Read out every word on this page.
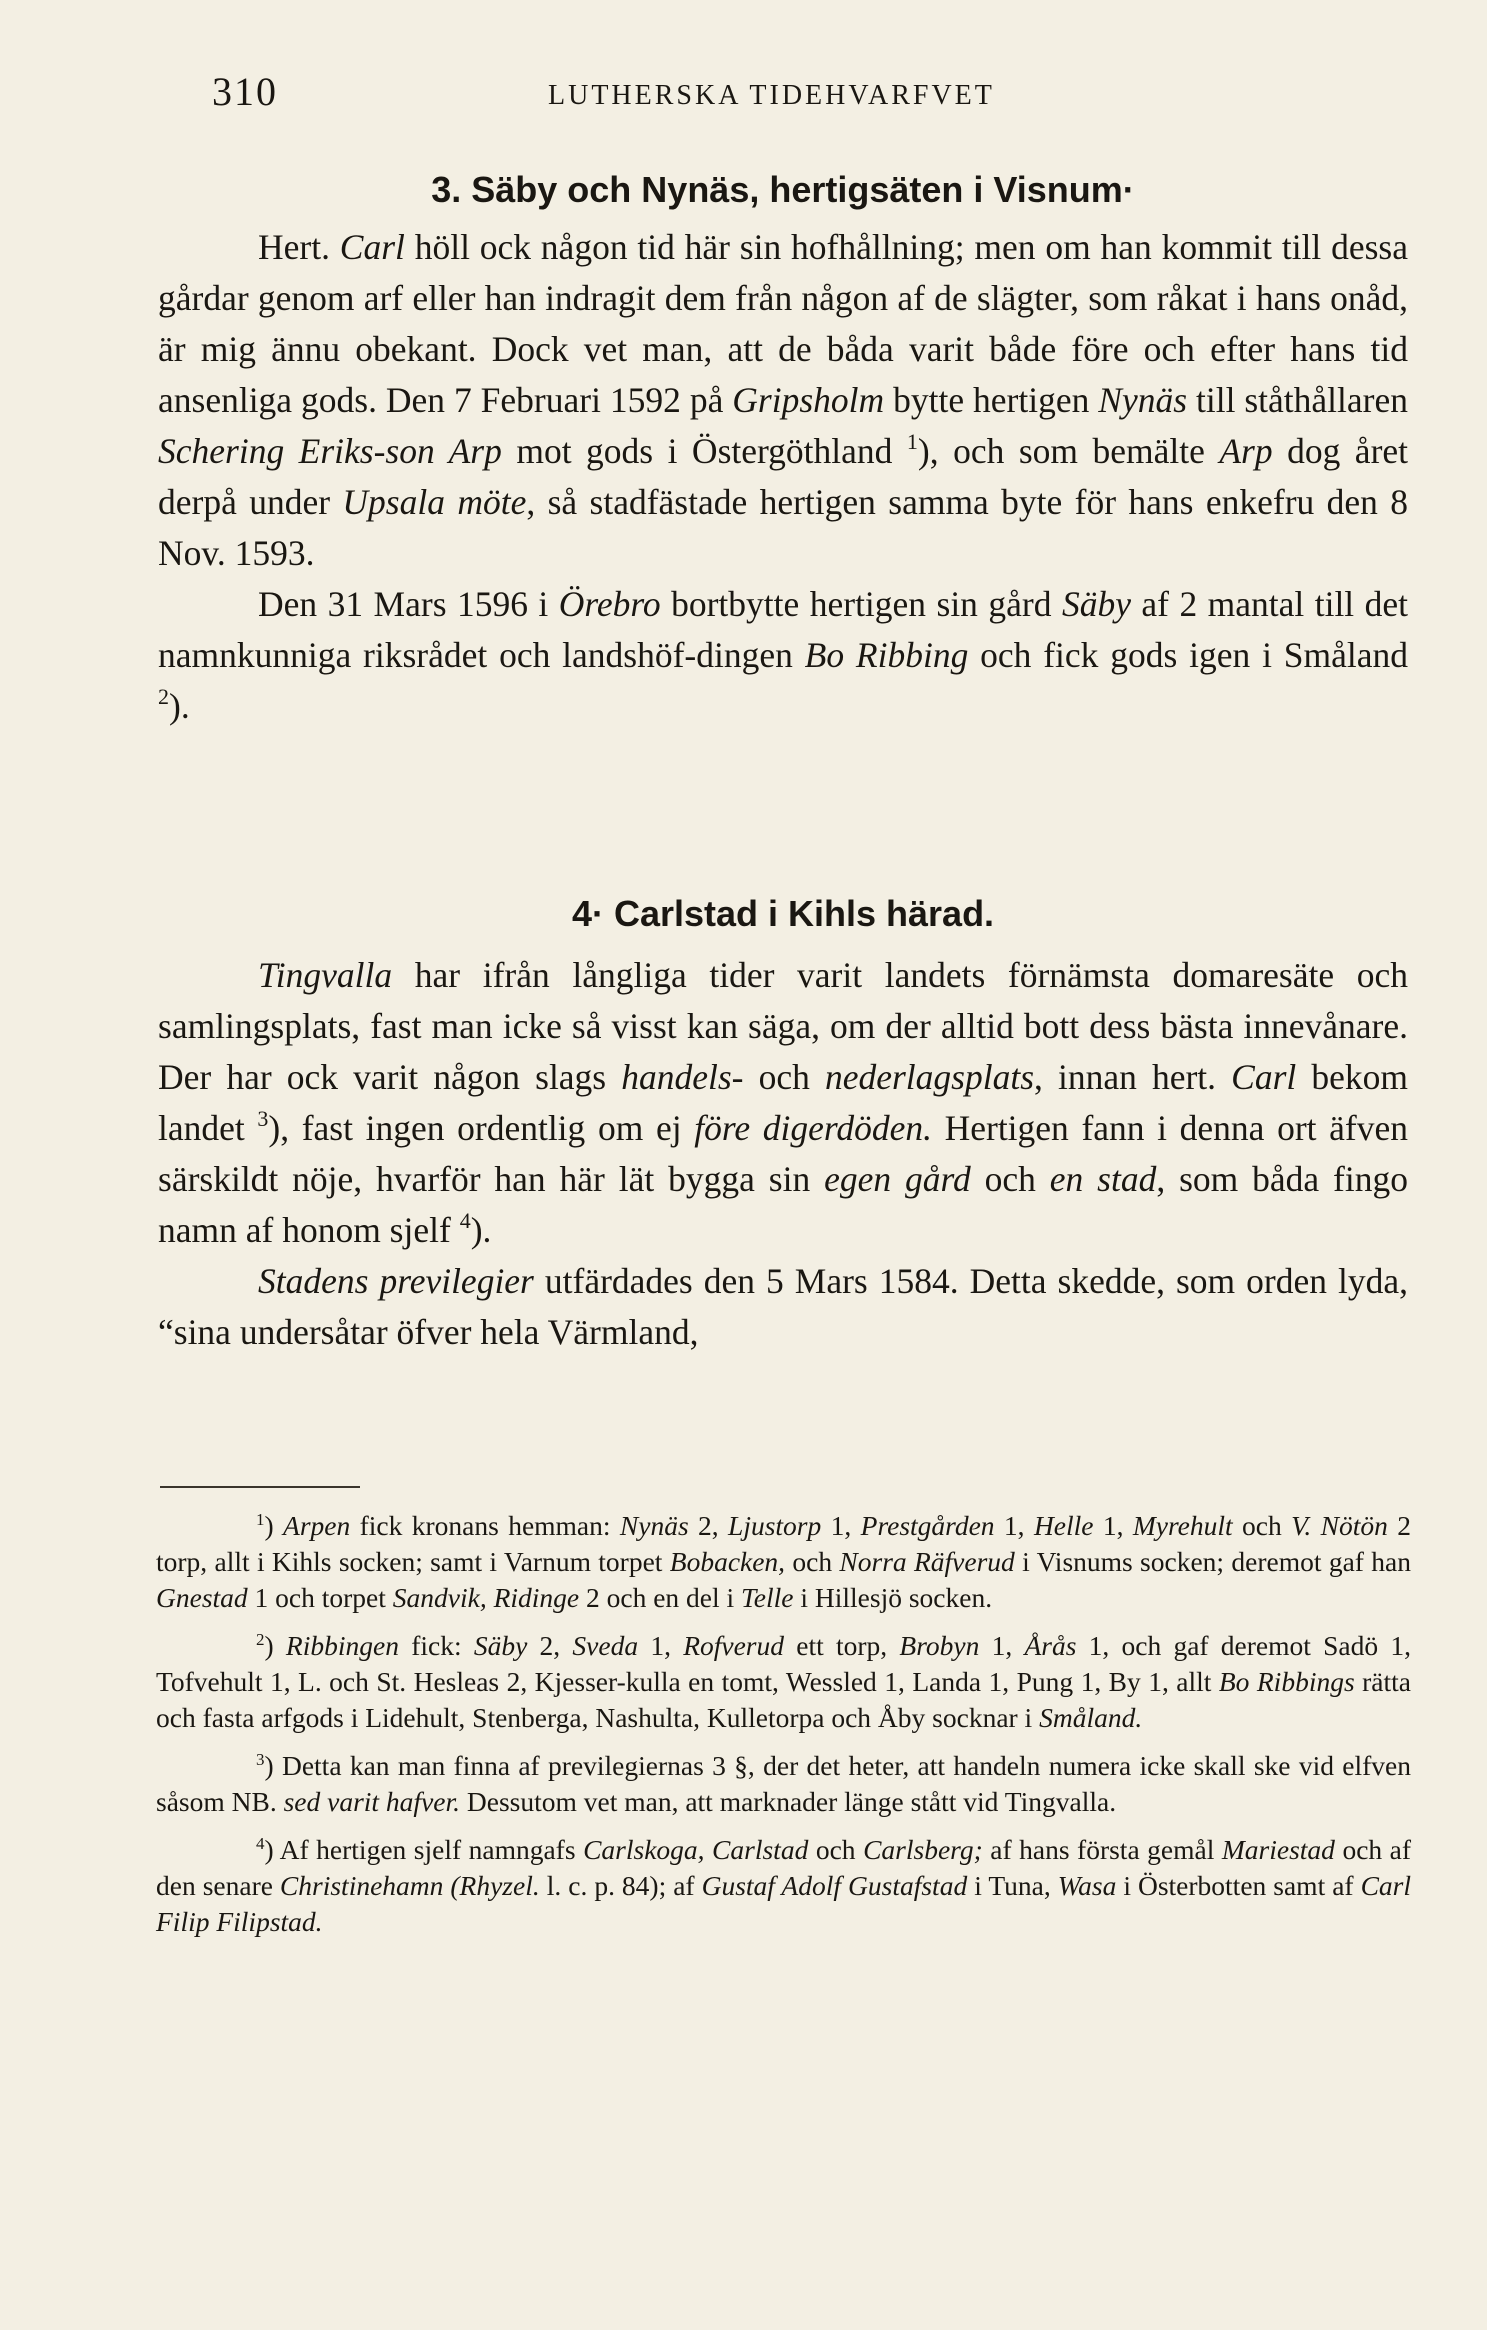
310	LUTHERSKA TIDEHVARFVET
3. Säby och Nynäs, hertigsäten i Visnum·

Hert. Carl höll ock någon tid här sin hofhållning; men om han kommit till dessa gårdar genom arf eller han indragit dem från någon af de slägter, som råkat i hans onåd, är mig ännu obekant. Dock vet man, att de båda varit både före och efter hans tid ansenliga gods. Den 7 Februari 1592 på Gripsholm bytte hertigen Nynäs till ståthållaren Schering Eriks-son Arp mot gods i Östergöthland $^1$), och som bemälte Arp dog året derpå under Upsala möte, så stadfästade hertigen samma byte för hans enkefru den 8 Nov. 1593.

Den 31 Mars 1596 i Örebro bortbytte hertigen sin gård Säby af 2 mantal till det namnkunniga riksrådet och landshöf-dingen Bo Ribbing och fick gods igen i Småland $^2$).

4· Carlstad i Kihls härad.

Tingvalla har ifrån långliga tider varit landets förnämsta domaresäte och samlingsplats, fast man icke så visst kan säga, om der alltid bott dess bästa innevånare. Der har ock varit någon slags handels- och nederlagsplats, innan hert. Carl bekom landet $^3$), fast ingen ordentlig om ej före digerdöden. Hertigen fann i denna ort äfven särskildt nöje, hvarför han här lät bygga sin egen gård och en stad, som båda fingo namn af honom sjelf $^4$).

Stadens previlegier utfärdades den 5 Mars 1584. Detta skedde, som orden lyda, “sina undersåtar öfver hela Värmland,

$^1$) Arpen fick kronans hemman: Nynäs 2, Ljustorp 1, Prestgården 1, Helle 1, Myrehult och V. Nötön 2 torp, allt i Kihls socken; samt i Varnum torpet Bobacken, och Norra Räfverud i Visnums socken; deremot gaf han Gnestad 1 och torpet Sandvik, Ridinge 2 och en del i Telle i Hillesjö socken.

$^2$) Ribbingen fick: Säby 2, Sveda 1, Rofverud ett torp, Brobyn 1, Årås 1, och gaf deremot Sadö 1, Tofvehult 1, L. och St. Hesleas 2, Kjesser-kulla en tomt, Wessled 1, Landa 1, Pung 1, By 1, allt Bo Ribbings rätta och fasta arfgods i Lidehult, Stenberga, Nashulta, Kulletorpa och Åby socknar i Småland.

$^3$) Detta kan man finna af previlegiernas 3 §, der det heter, att handeln numera icke skall ske vid elfven såsom NB. sed varit hafver. Dessutom vet man, att marknader länge stått vid Tingvalla.

$^4$) Af hertigen sjelf namngafs Carlskoga, Carlstad och Carlsberg; af hans första gemål Mariestad och af den senare Christinehamn (Rhyzel. l. c. p. 84); af Gustaf Adolf Gustafstad i Tuna, Wasa i Österbotten samt af Carl Filip Filipstad.
